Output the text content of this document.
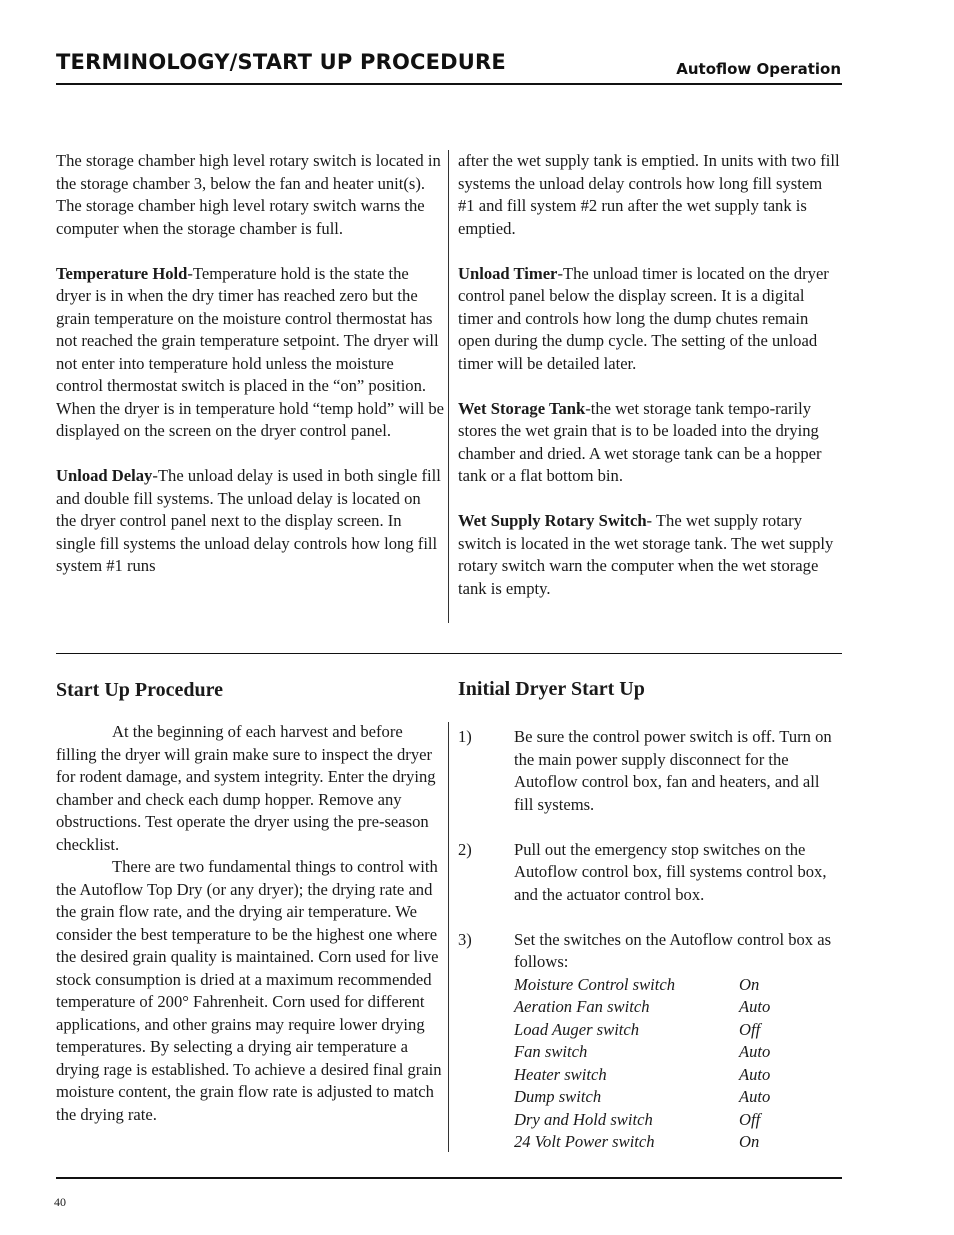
TERMINOLOGY/START UP PROCEDURE	Autoflow Operation

The storage chamber high level rotary switch is located in the storage chamber 3, below the fan and heater unit(s). The storage chamber high level rotary switch warns the computer when the storage chamber is full.

Temperature Hold-Temperature hold is the state the dryer is in when the dry timer has reached zero but the grain temperature on the moisture control thermostat has not reached the grain temperature setpoint. The dryer will not enter into temperature hold unless the moisture control thermostat switch is placed in the “on” position. When the dryer is in temperature hold “temp hold” will be displayed on the screen on the dryer control panel.

Unload Delay-The unload delay is used in both single fill and double fill systems. The unload delay is located on the dryer control panel next to the display screen. In single fill systems the unload delay controls how long fill system #1 runs

after the wet supply tank is emptied. In units with two fill systems the unload delay controls how long fill system #1 and fill system #2 run after the wet supply tank is emptied.

Unload Timer-The unload timer is located on the dryer control panel below the display screen. It is a digital timer and controls how long the dump chutes remain open during the dump cycle. The setting of the unload timer will be detailed later.

Wet Storage Tank-the wet storage tank tempo-rarily stores the wet grain that is to be loaded into the drying chamber and dried. A wet storage tank can be a hopper tank or a flat bottom bin.

Wet Supply Rotary Switch- The wet supply rotary switch is located in the wet storage tank. The wet supply rotary switch warn the computer when the wet storage tank is empty.

Start Up Procedure	Initial Dryer Start Up

At the beginning of each harvest and before filling the dryer will grain make sure to inspect the dryer for rodent damage, and system integrity. Enter the drying chamber and check each dump hopper. Remove any obstructions. Test operate the dryer using the pre-season checklist.

There are two fundamental things to control with the Autoflow Top Dry (or any dryer); the drying rate and the grain flow rate, and the drying air temperature. We consider the best temperature to be the highest one where the desired grain quality is maintained. Corn used for live stock consumption is dried at a maximum recommended temperature of 200° Fahrenheit. Corn used for different applications, and other grains may require lower drying temperatures. By selecting a drying air temperature a drying rage is established. To achieve a desired final grain moisture content, the grain flow rate is adjusted to match the drying rate.

1)	Be sure the control power switch is off. Turn on the main power supply disconnect for the Autoflow control box, fan and heaters, and all fill systems.

2)	Pull out the emergency stop switches on the Autoflow control box, fill systems control box, and the actuator control box.

3)	Set the switches on the Autoflow control box as follows:

Moisture Control switch	On
Aeration Fan switch	Auto
Load Auger switch	Off
Fan switch	Auto
Heater switch	Auto
Dump switch	Auto
Dry and Hold switch	Off
24 Volt Power switch	On
40
